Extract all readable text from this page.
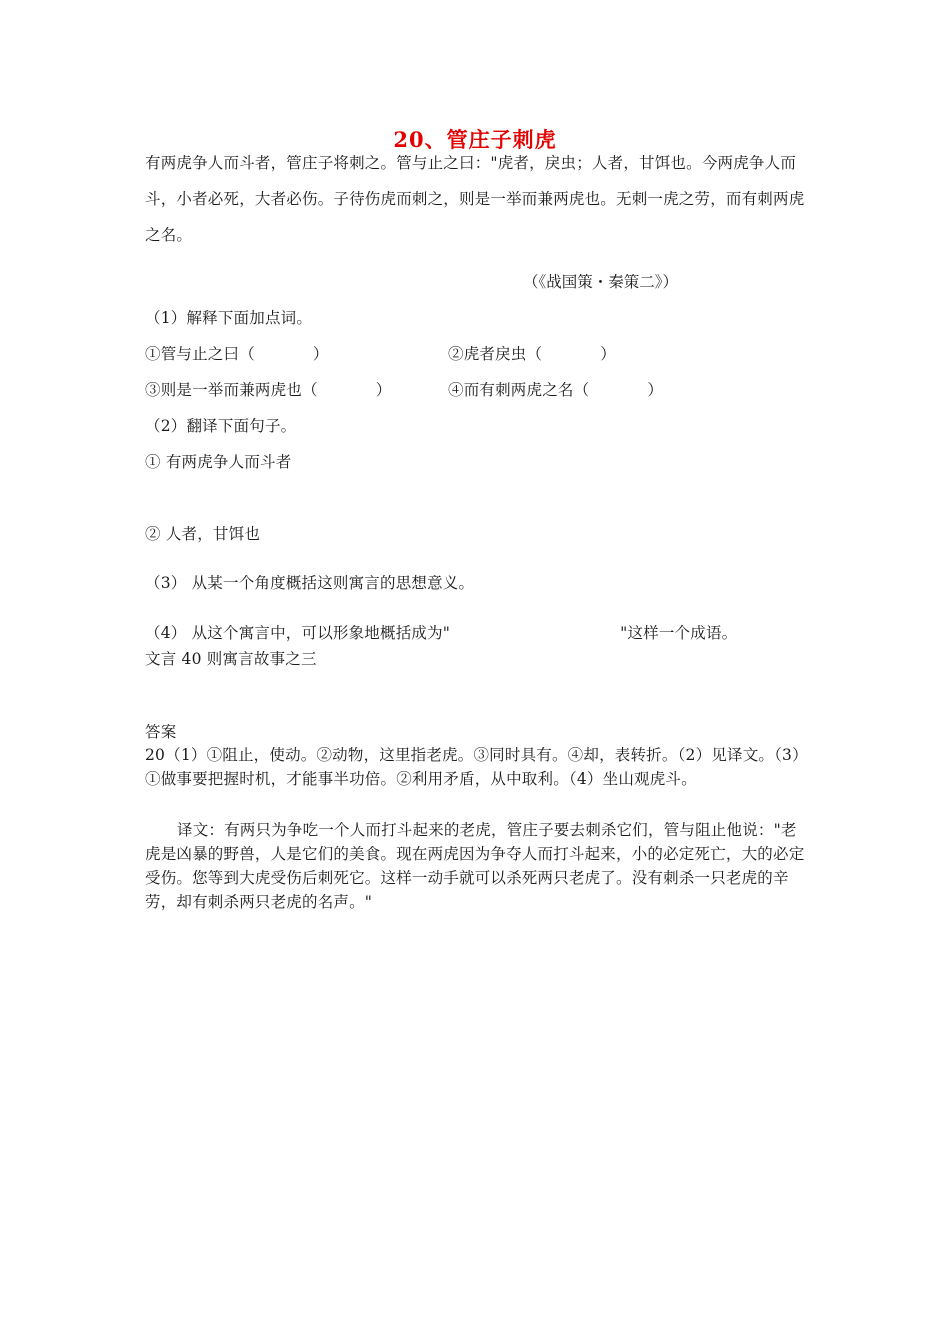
20、管庄子刺虎

有两虎争人而斗者，管庄子将刺之。管与止之曰："虎者，戾虫；人者，甘饵也。今两虎争人而斗，小者必死，大者必伤。子待伤虎而刺之，则是一举而兼两虎也。无刺一虎之劳，而有刺两虎之名。

（《战国策・秦策二》）
（1）解释下面加点词。
①管与止之曰（	）	②虎者戾虫（	）
③则是一举而兼两虎也（	）	④而有刺两虎之名（	）
（2）翻译下面句子。
① 有两虎争人而斗者
② 人者，甘饵也
（3） 从某一个角度概括这则寓言的思想意义。
（4） 从这个寓言中，可以形象地概括成为"	"这样一个成语。
文言 40 则寓言故事之三
答案
20（1）①阻止，使动。②动物，这里指老虎。③同时具有。④却，表转折。（2）见译文。（3）①做事要把握时机，才能事半功倍。②利用矛盾，从中取利。（4）坐山观虎斗。
译文：有两只为争吃一个人而打斗起来的老虎，管庄子要去刺杀它们，管与阻止他说："老虎是凶暴的野兽，人是它们的美食。现在两虎因为争夺人而打斗起来，小的必定死亡，大的必定受伤。您等到大虎受伤后刺死它。这样一动手就可以杀死两只老虎了。没有刺杀一只老虎的辛劳，却有刺杀两只老虎的名声。"
